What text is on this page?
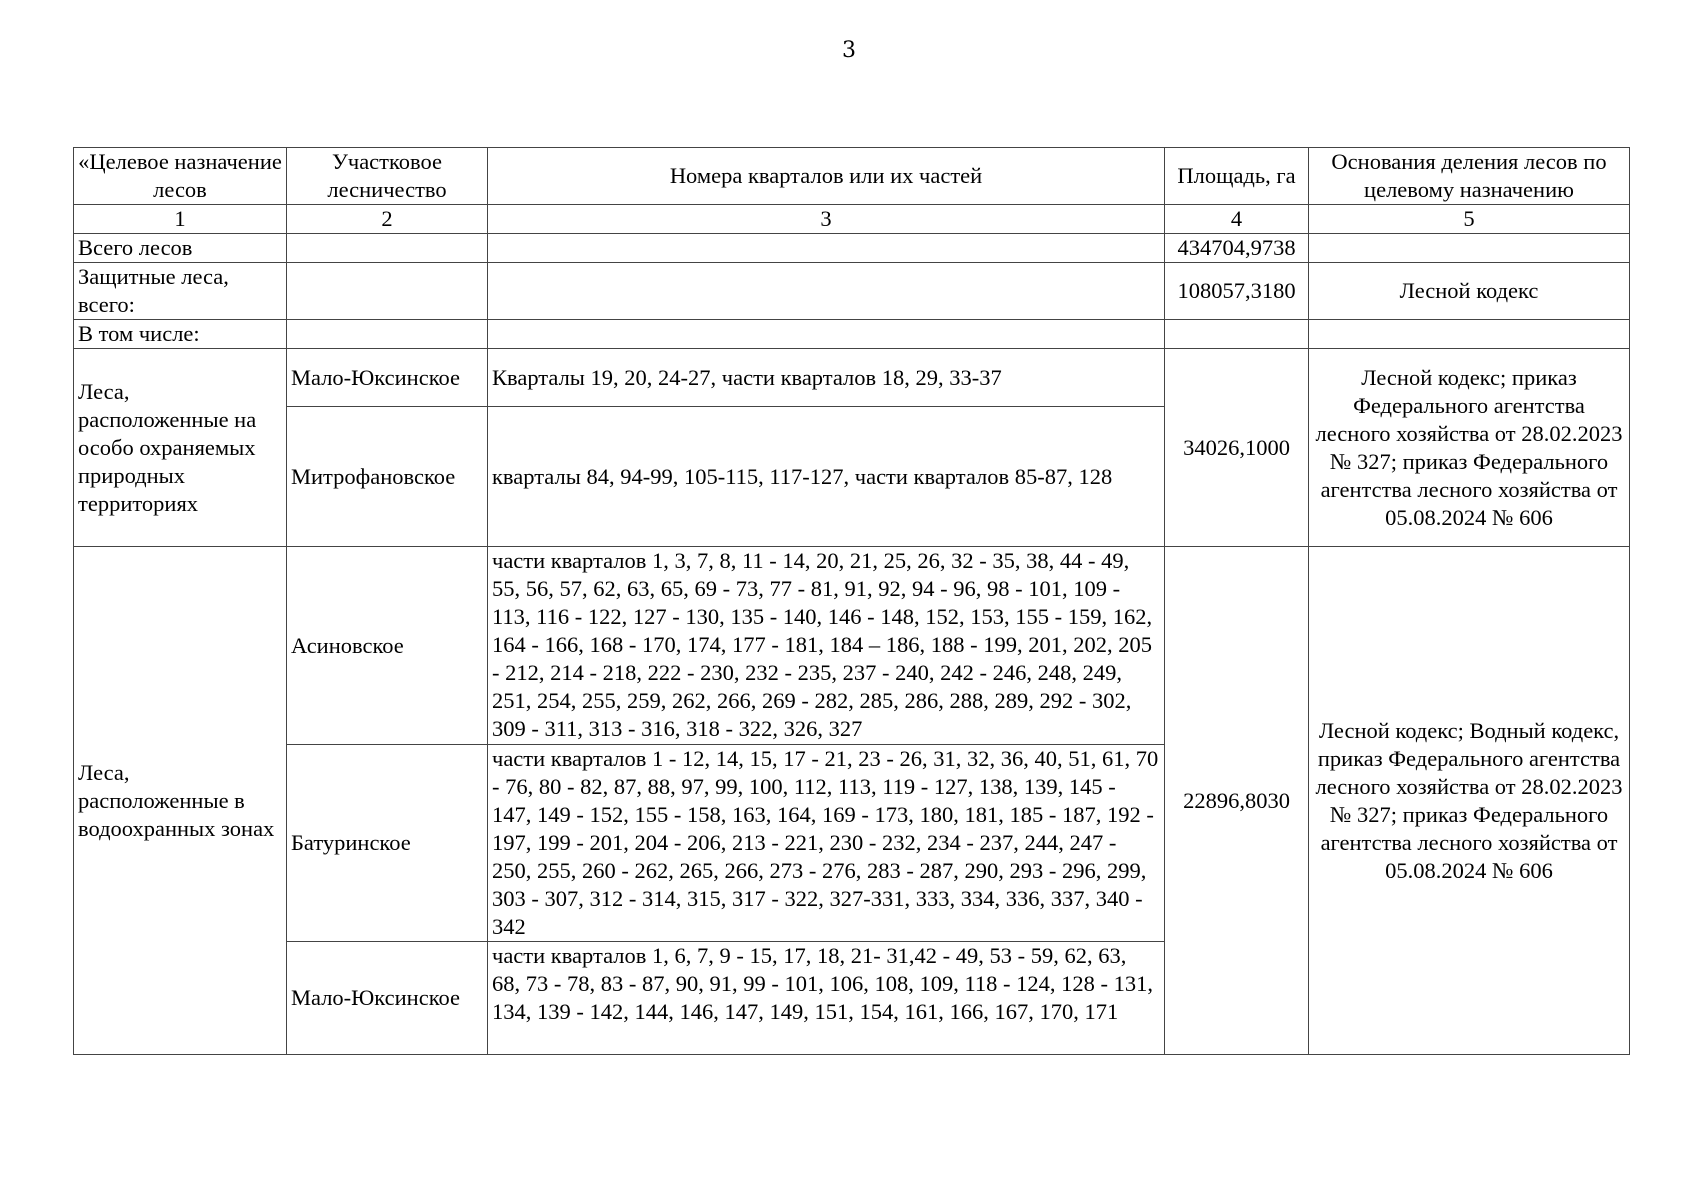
3
«Целевое назначение лесов	Участковое лесничество	Номера кварталов или их частей	Площадь, га	Основания деления лесов по целевому назначению
1	2	3	4	5
Всего лесов			434704,9738	
Защитные леса, всего:			108057,3180	Лесной кодекс
В том числе:				
Леса, расположенные на особо охраняемых природных территориях	Мало-Юксинское	Кварталы 19, 20, 24-27, части кварталов 18, 29, 33-37	34026,1000	Лесной кодекс; приказ Федерального агентства лесного хозяйства от 28.02.2023 № 327; приказ Федерального агентства лесного хозяйства от 05.08.2024 № 606
	Митрофановское	кварталы 84, 94-99, 105-115, 117-127, части кварталов 85-87, 128		
Леса, расположенные в водоохранных зонах	Асиновское	части кварталов 1, 3, 7, 8, 11 - 14, 20, 21, 25, 26, 32 - 35, 38, 44 - 49, 55, 56, 57, 62, 63, 65, 69 - 73, 77 - 81, 91, 92, 94 - 96, 98 - 101, 109 - 113, 116 - 122, 127 - 130, 135 - 140, 146 - 148, 152, 153, 155 - 159, 162, 164 - 166, 168 - 170, 174, 177 - 181, 184 – 186, 188 - 199, 201, 202, 205 - 212, 214 - 218, 222 - 230, 232 - 235, 237 - 240, 242 - 246, 248, 249, 251, 254, 255, 259, 262, 266, 269 - 282, 285, 286, 288, 289, 292 - 302, 309 - 311, 313 - 316, 318 - 322, 326, 327	22896,8030	Лесной кодекс; Водный кодекс, приказ Федерального агентства лесного хозяйства от 28.02.2023 № 327; приказ Федерального агентства лесного хозяйства от 05.08.2024 № 606
	Батуринское	части кварталов 1 - 12, 14, 15, 17 - 21, 23 - 26, 31, 32, 36, 40, 51, 61, 70 - 76, 80 - 82, 87, 88, 97, 99, 100, 112, 113, 119 - 127, 138, 139, 145 - 147, 149 - 152, 155 - 158, 163, 164, 169 - 173, 180, 181, 185 - 187, 192 - 197, 199 - 201, 204 - 206, 213 - 221, 230 - 232, 234 - 237, 244, 247 - 250, 255, 260 - 262, 265, 266, 273 - 276, 283 - 287, 290, 293 - 296, 299, 303 - 307, 312 - 314, 315, 317 - 322, 327-331, 333, 334, 336, 337, 340 - 342		
	Мало-Юксинское	части кварталов 1, 6, 7, 9 - 15, 17, 18, 21- 31,42 - 49, 53 - 59, 62, 63, 68, 73 - 78, 83 - 87, 90, 91, 99 - 101, 106, 108, 109, 118 - 124, 128 - 131, 134, 139 - 142, 144, 146, 147, 149, 151, 154, 161, 166, 167, 170, 171		
